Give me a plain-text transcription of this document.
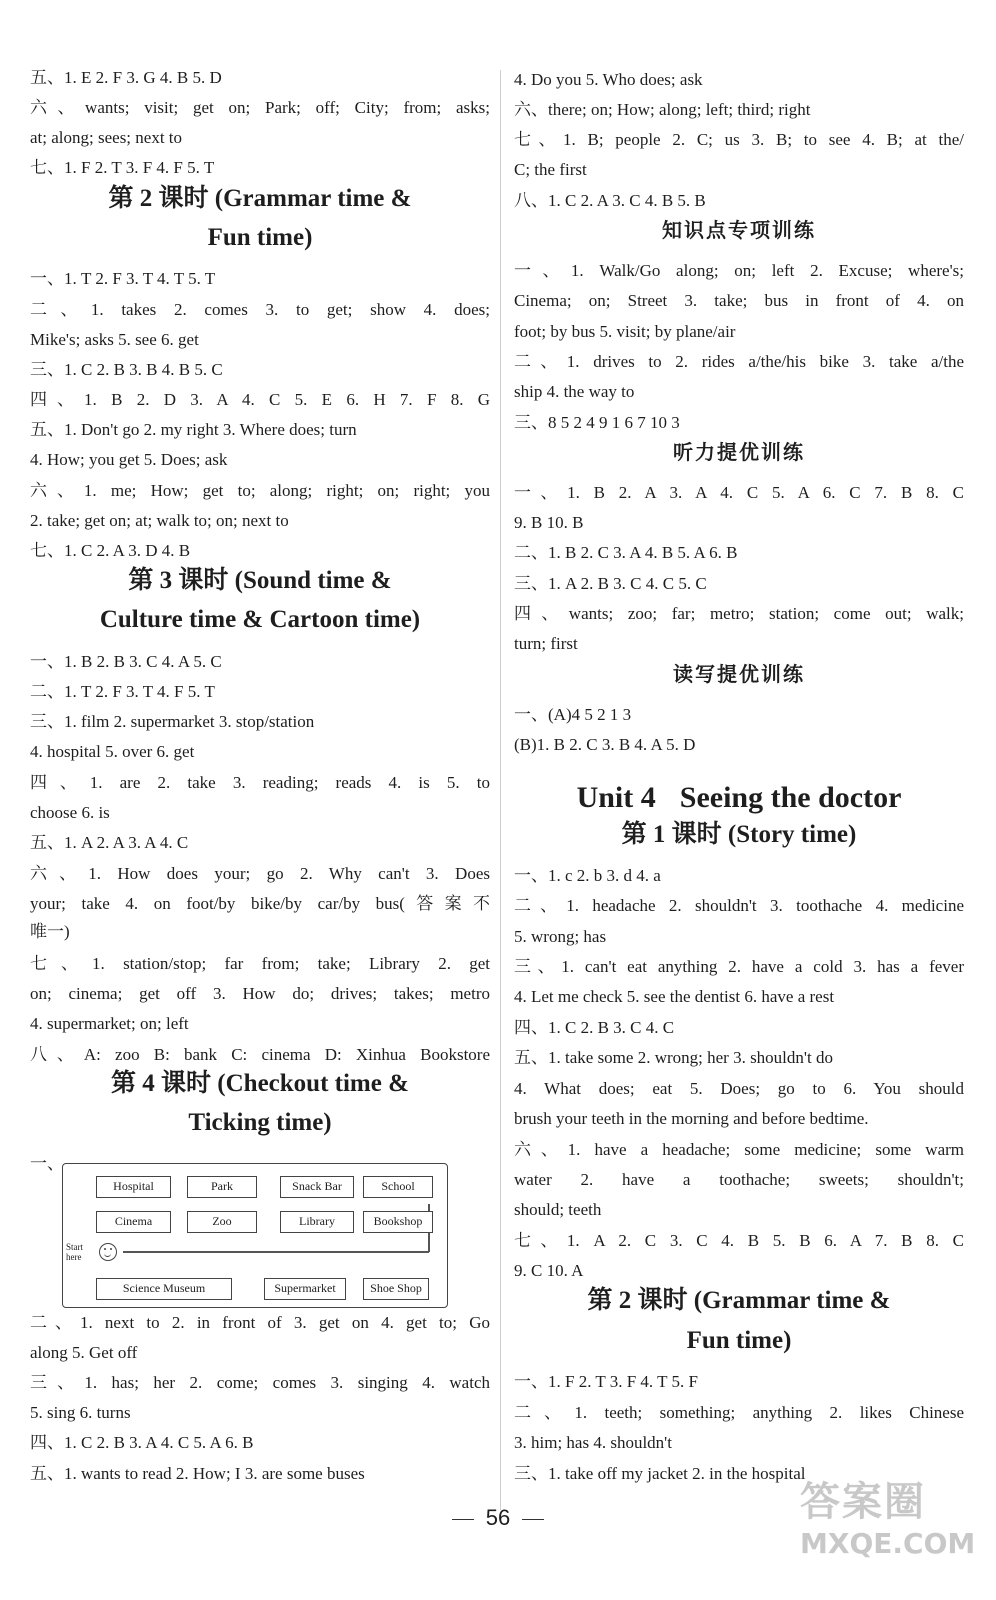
五、1. E 2. F 3. G 4. B 5. D
六、wants; visit; get on; Park; off; City; from; asks;
at; along; sees; next to
七、1. F 2. T 3. F 4. F 5. T
一、1. T 2. F 3. T 4. T 5. T
二、1. takes 2. comes 3. to get; show 4. does;
Mike's; asks 5. see 6. get
三、1. C 2. B 3. B 4. B 5. C
四、1. B 2. D 3. A 4. C 5. E 6. H 7. F 8. G
五、1. Don't go 2. my right 3. Where does; turn
4. How; you get 5. Does; ask
六、1. me; How; get to; along; right; on; right; you
2. take; get on; at; walk to; on; next to
七、1. C 2. A 3. D 4. B
一、1. B 2. B 3. C 4. A 5. C
二、1. T 2. F 3. T 4. F 5. T
三、1. film 2. supermarket 3. stop/station
4. hospital 5. over 6. get
四、1. are 2. take 3. reading; reads 4. is 5. to
choose 6. is
五、1. A 2. A 3. A 4. C
六、1. How does your; go 2. Why can't 3. Does
your; take 4. on foot/by bike/by car/by bus(答案不
唯一)
七、1. station/stop; far from; take; Library 2. get
on; cinema; get off 3. How do; drives; takes; metro
4. supermarket; on; left
八、A: zoo B: bank C: cinema D: Xinhua Bookstore
一、
二、1. next to 2. in front of 3. get on 4. get to; Go
along 5. Get off
三、1. has; her 2. come; comes 3. singing 4. watch
5. sing 6. turns
四、1. C 2. B 3. A 4. C 5. A 6. B
五、1. wants to read 2. How; I 3. are some buses
第 2 课时 (Grammar time &
Fun time)
第 3 课时 (Sound time &
Culture time & Cartoon time)
第 4 课时 (Checkout time &
Ticking time)
4. Do you 5. Who does; ask
六、there; on; How; along; left; third; right
七、1. B; people 2. C; us 3. B; to see 4. B; at the/
C; the first
八、1. C 2. A 3. C 4. B 5. B
一、1. Walk/Go along; on; left 2. Excuse; where's;
Cinema; on; Street 3. take; bus in front of 4. on
foot; by bus 5. visit; by plane/air
二、1. drives to 2. rides a/the/his bike 3. take a/the
ship 4. the way to
三、8 5 2 4 9 1 6 7 10 3
一、1. B 2. A 3. A 4. C 5. A 6. C 7. B 8. C
9. B 10. B
二、1. B 2. C 3. A 4. B 5. A 6. B
三、1. A 2. B 3. C 4. C 5. C
四、wants; zoo; far; metro; station; come out; walk;
turn; first
一、(A)4 5 2 1 3
(B)1. B 2. C 3. B 4. A 5. D
一、1. c 2. b 3. d 4. a
二、1. headache 2. shouldn't 3. toothache 4. medicine
5. wrong; has
三、1. can't eat anything 2. have a cold 3. has a fever
4. Let me check 5. see the dentist 6. have a rest
四、1. C 2. B 3. C 4. C
五、1. take some 2. wrong; her 3. shouldn't do
4. What does; eat 5. Does; go to 6. You should
brush your teeth in the morning and before bedtime.
六、1. have a headache; some medicine; some warm
water 2. have a toothache; sweets; shouldn't;
should; teeth
七、1. A 2. C 3. C 4. B 5. B 6. A 7. B 8. C
9. C 10. A
一、1. F 2. T 3. F 4. T 5. F
二、1. teeth; something; anything 2. likes Chinese
3. him; has 4. shouldn't
三、1. take off my jacket 2. in the hospital
第 1 课时 (Story time)
第 2 课时 (Grammar time &
Fun time)
知识点专项训练
听力提优训练
读写提优训练
Unit 4 Seeing the doctor
Start
here
Hospital	Park	Snack Bar	School
Cinema	Zoo	Library	Bookshop
Science Museum	Supermarket	Shoe Shop
56	答案圈
MXQE.COM
